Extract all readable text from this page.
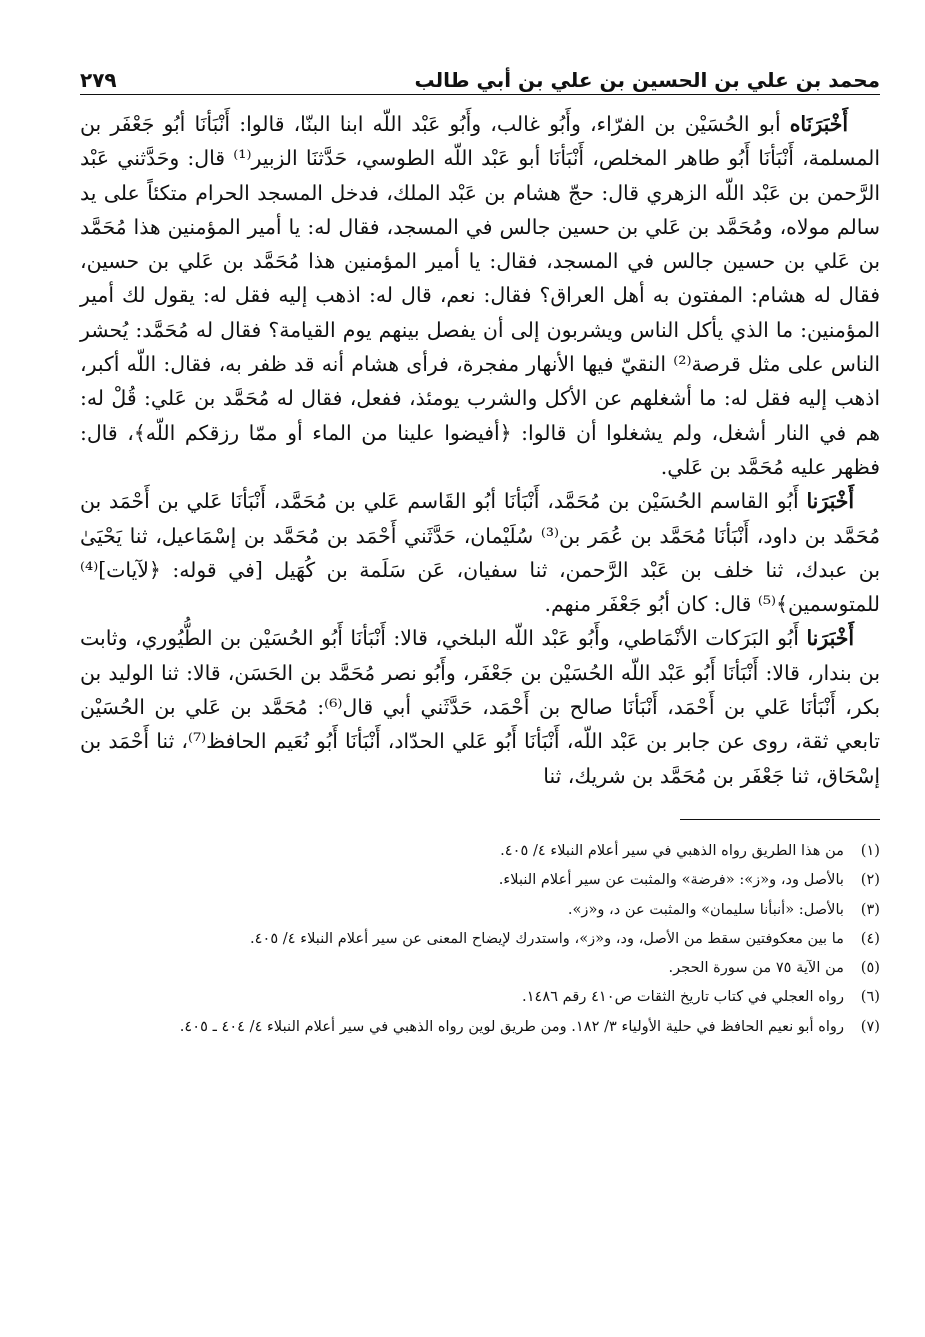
محمد بن علي بن الحسين بن علي بن أبي طالب
٢٧٩

أَخْبَرَنَاه أبو الحُسَيْن بن الفرّاء، وأَبُو غالب، وأَبُو عَبْد اللّه ابنا البنّا، قالوا: أَنْبَأنَا أبُو جَعْفَر بن المسلمة، أَنْبَأنَا أَبُو طاهر المخلص، أَنْبَأنَا أبو عَبْد اللّه الطوسي، حَدَّثنَا الزبير⁽¹⁾ قال: وحَدَّثني عَبْد الرَّحمن بن عَبْد اللّه الزهري قال: حجّ هشام بن عَبْد الملك، فدخل المسجد الحرام متكئاً على يد سالم مولاه، ومُحَمَّد بن عَلي بن حسين جالس في المسجد، فقال له: يا أمير المؤمنين هذا مُحَمَّد بن عَلي بن حسين جالس في المسجد، فقال: يا أمير المؤمنين هذا مُحَمَّد بن عَلي بن حسين، فقال له هشام: المفتون به أهل العراق؟ فقال: نعم، قال له: اذهب إليه فقل له: يقول لك أمير المؤمنين: ما الذي يأكل الناس ويشربون إلى أن يفصل بينهم يوم القيامة؟ فقال له مُحَمَّد: يُحشر الناس على مثل قرصة⁽²⁾ النقيّ فيها الأنهار مفجرة، فرأى هشام أنه قد ظفر به، فقال: اللّه أكبر، اذهب إليه فقل له: ما أشغلهم عن الأكل والشرب يومئذ، ففعل، فقال له مُحَمَّد بن عَلي: قُلْ له: هم في النار أشغل، ولم يشغلوا أن قالوا: ﴿أفيضوا علينا من الماء أو ممّا رزقكم اللّه﴾، قال: فظهر عليه مُحَمَّد بن عَلي.

أَخْبَرَنا أَبُو القاسم الحُسَيْن بن مُحَمَّد، أَنْبَأنَا أبُو القَاسم عَلي بن مُحَمَّد، أَنْبَأنَا عَلي بن أَحْمَد بن مُحَمَّد بن داود، أَنْبَأنَا مُحَمَّد بن عُمَر بن⁽³⁾ سُلَيْمان، حَدَّثَني أَحْمَد بن مُحَمَّد بن إسْمَاعيل، ثنا يَحْيَىٰ بن عبدك، ثنا خلف بن عَبْد الرَّحمن، ثنا سفيان، عَن سَلَمة بن كُهَيل [في قوله: ﴿لآيات]⁽⁴⁾ للمتوسمين﴾⁽⁵⁾ قال: كان أبُو جَعْفَر منهم.

أَخْبَرَنا أَبُو البَرَكات الأنْمَاطي، وأَبُو عَبْد اللّه البلخي، قالا: أَنْبَأنَا أَبُو الحُسَيْن بن الطُّيُوري، وثابت بن بندار، قالا: أَنْبَأنَا أَبُو عَبْد اللّه الحُسَيْن بن جَعْفَر، وأَبُو نصر مُحَمَّد بن الحَسَن، قالا: ثنا الوليد بن بكر، أَنْبَأنَا عَلي بن أَحْمَد، أَنْبَأنَا صالح بن أَحْمَد، حَدَّثَني أبي قال⁽⁶⁾: مُحَمَّد بن عَلي بن الحُسَيْن تابعي ثقة، روى عن جابر بن عَبْد اللّه، أَنْبَأنَا أَبُو عَلي الحدّاد، أَنْبَأنَا أَبُو نُعَيم الحافظ⁽⁷⁾، ثنا أَحْمَد بن إسْحَاق، ثنا جَعْفَر بن مُحَمَّد بن شريك، ثنا

(١)
من هذا الطريق رواه الذهبي في سير أعلام النبلاء ٤/ ٤٠٥.
(٢)
بالأصل ود، و«ز»: «فرضة» والمثبت عن سير أعلام النبلاء.
(٣)
بالأصل: «أنبأنا سليمان» والمثبت عن د، و«ز».
(٤)
ما بين معكوفتين سقط من الأصل، ود، و«ز»، واستدرك لإيضاح المعنى عن سير أعلام النبلاء ٤/ ٤٠٥.
(٥)
من الآية ٧٥ من سورة الحجر.
(٦)
رواه العجلي في كتاب تاريخ الثقات ص٤١٠ رقم ١٤٨٦.
(٧)
رواه أبو نعيم الحافظ في حلية الأولياء ٣/ ١٨٢. ومن طريق لوين رواه الذهبي في سير أعلام النبلاء ٤/ ٤٠٤ ـ ٤٠٥.
